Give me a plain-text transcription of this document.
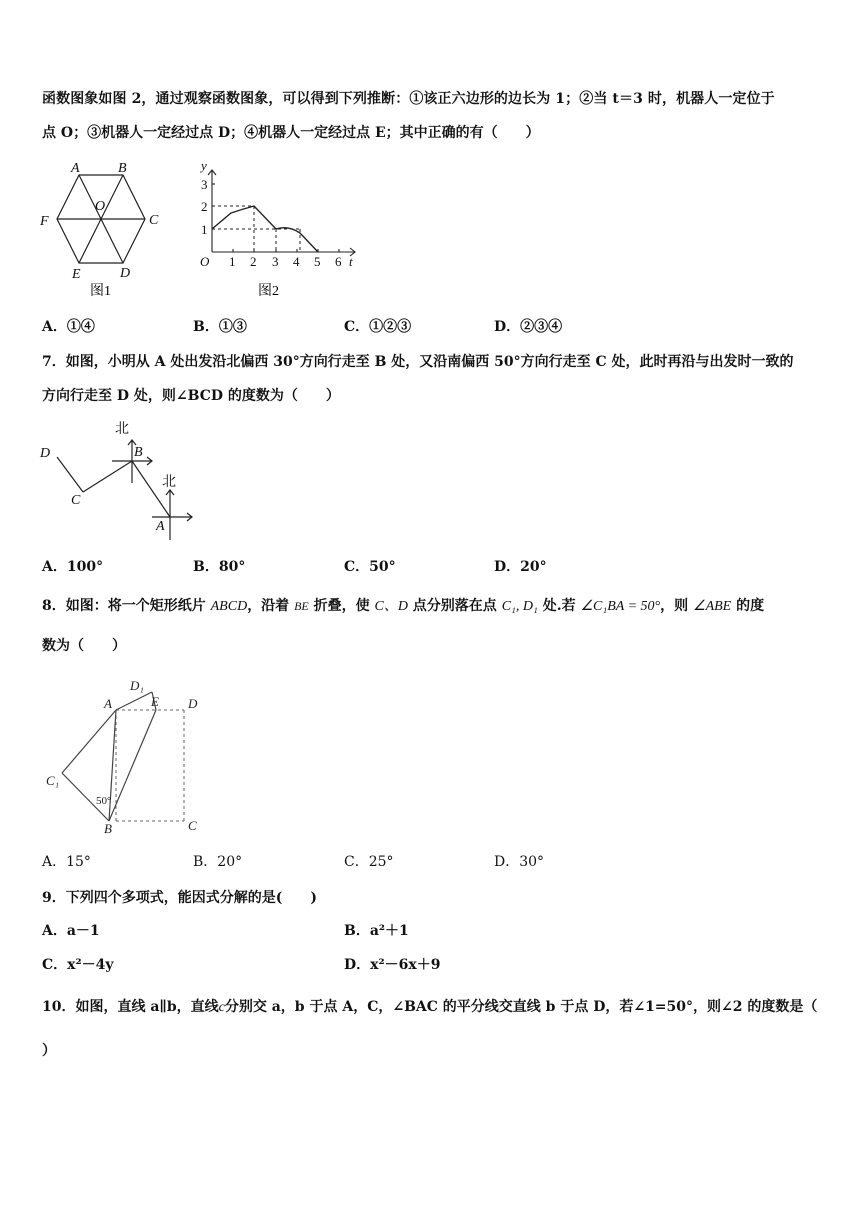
函数图象如图 2，通过观察函数图象，可以得到下列推断：①该正六边形的边长为 1；②当 t＝3 时，机器人一定位于
点 O；③机器人一定经过点 D；④机器人一定经过点 E；其中正确的有（　　）
A	B
C
D
E
F
O
图1
y
t
O
3
2
1
1 2 3 4 5 6
图2
A．①④	B．①③	C．①②③	D．②③④
7．如图，小明从 A 处出发沿北偏西 30°方向行走至 B 处，又沿南偏西 50°方向行走至 C 处，此时再沿与出发时一致的
方向行走至 D 处，则∠BCD 的度数为（　　）
北
北
D
C
B
A
A．100°	B．80°	C．50°	D．20°
8．如图：将一个矩形纸片 ABCD，沿着 BE 折叠，使 C、D 点分别落在点 C₁, D₁ 处.若 ∠C₁BA = 50°，则 ∠ABE 的度
数为（　　）
A
D₁
E D
C₁
B	C
50°
A．15°	B．20°	C．25°	D．30°
9．下列四个多项式，能因式分解的是(　　)
A．a－1	B．a²＋1
C．x²－4y	D．x²－6x＋9
10．如图，直线 a∥b，直线c分别交 a，b 于点 A，C，∠BAC 的平分线交直线 b 于点 D，若∠1=50°，则∠2 的度数是（
）
